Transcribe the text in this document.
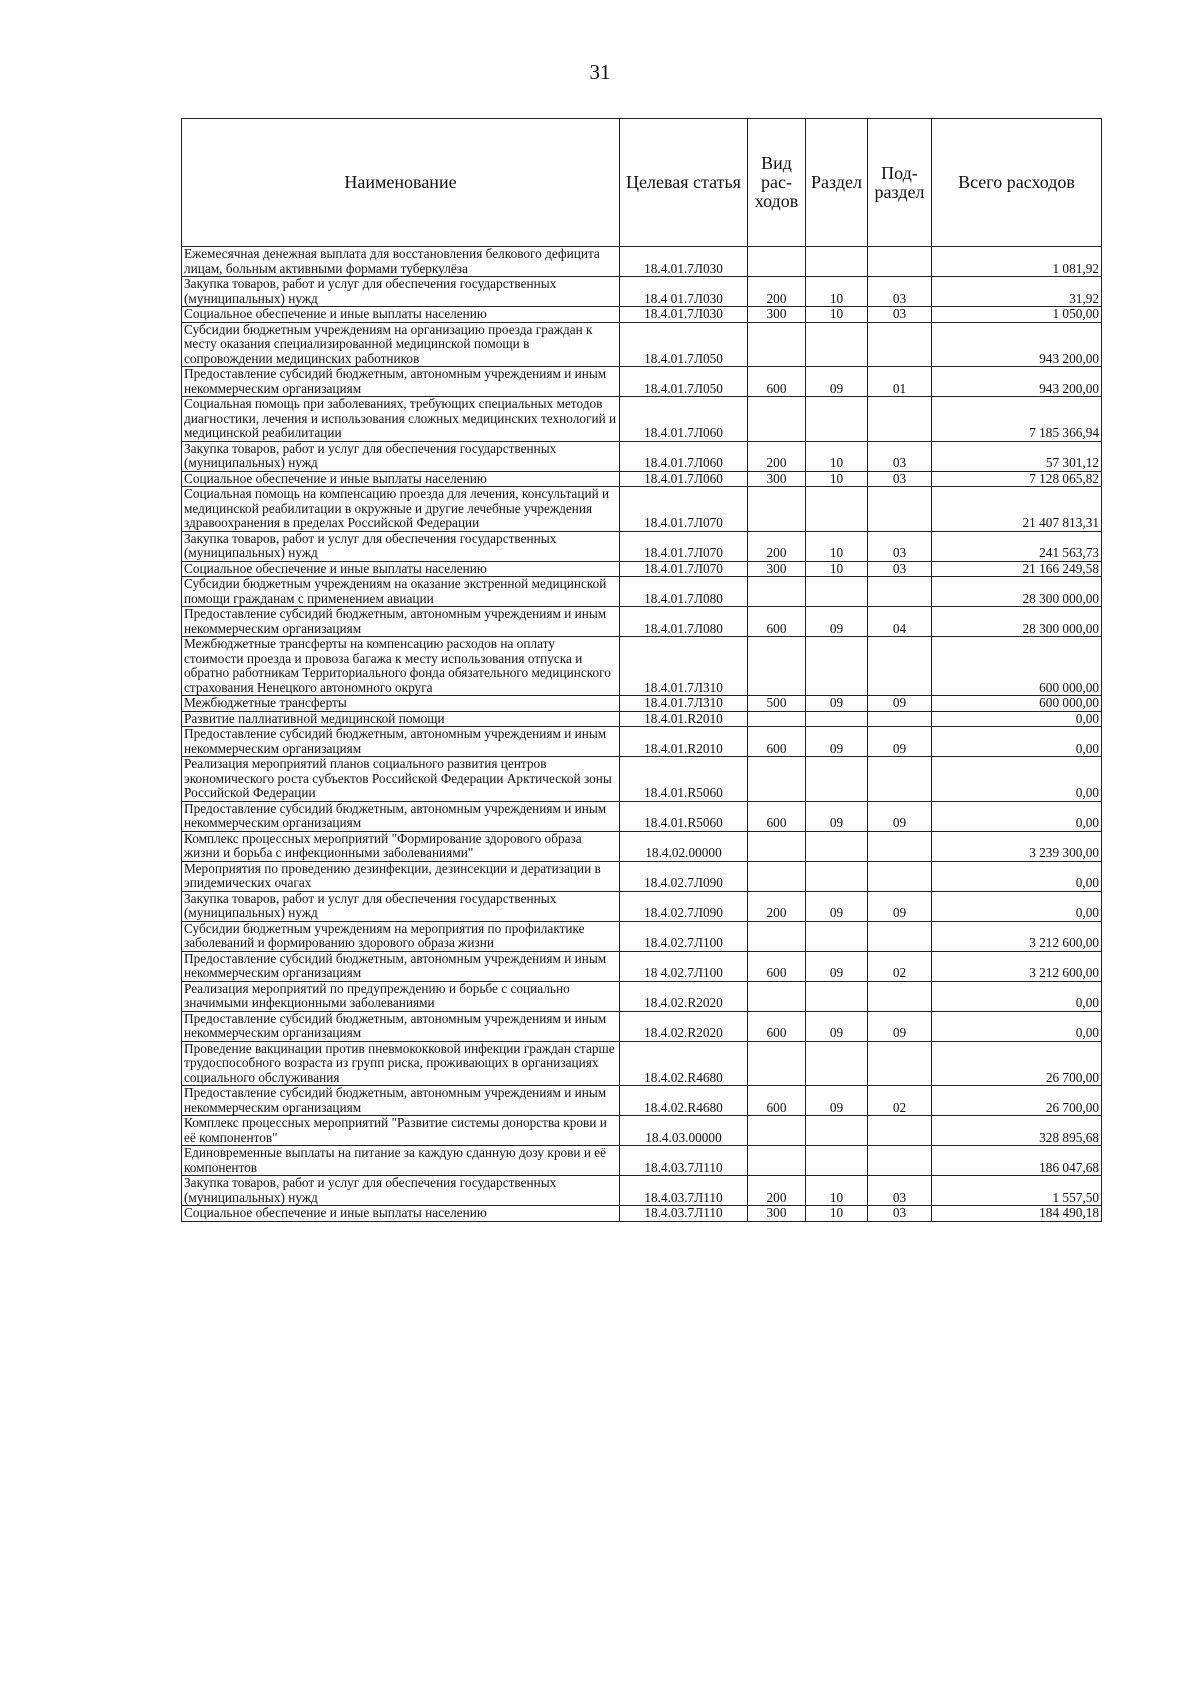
31
Наименование	Целевая статья	Вид рас- ходов	Раздел	Под- раздел	Всего расходов
Ежемесячная денежная выплата для восстановления белкового дефицита лицам, больным активными формами туберкулёза	18.4.01.7Л030				1 081,92
Закупка товаров, работ и услуг для обеспечения государственных (муниципальных) нужд	18.4 01.7Л030	200	10	03	31,92
Социальное обеспечение и иные выплаты населению	18.4.01.7Л030	300	10	03	1 050,00
Субсидии бюджетным учреждениям на организацию проезда граждан к месту оказания специализированной медицинской помощи в сопровождении медицинских работников	18.4.01.7Л050				943 200,00
Предоставление субсидий бюджетным, автономным учреждениям и иным некоммерческим организациям	18.4.01.7Л050	600	09	01	943 200,00
Социальная помощь при заболеваниях, требующих специальных методов диагностики, лечения и использования сложных медицинских технологий и медицинской реабилитации	18.4.01.7Л060				7 185 366,94
Закупка товаров, работ и услуг для обеспечения государственных (муниципальных) нужд	18.4.01.7Л060	200	10	03	57 301,12
Социальное обеспечение и иные выплаты населению	18.4.01.7Л060	300	10	03	7 128 065,82
Социальная помощь на компенсацию проезда для лечения, консультаций и медицинской реабилитации в окружные и другие лечебные учреждения здравоохранения в пределах Российской Федерации	18.4.01.7Л070				21 407 813,31
Закупка товаров, работ и услуг для обеспечения государственных (муниципальных) нужд	18.4.01.7Л070	200	10	03	241 563,73
Социальное обеспечение и иные выплаты населению	18.4.01.7Л070	300	10	03	21 166 249,58
Субсидии бюджетным учреждениям на оказание экстренной медицинской помощи гражданам с применением авиации	18.4.01.7Л080				28 300 000,00
Предоставление субсидий бюджетным, автономным учреждениям и иным некоммерческим организациям	18.4.01.7Л080	600	09	04	28 300 000,00
Межбюджетные трансферты на компенсацию расходов на оплату стоимости проезда и провоза багажа к месту использования отпуска и обратно работникам Территориального фонда обязательного медицинского страхования Ненецкого автономного округа	18.4.01.7Л310				600 000,00
Межбюджетные трансферты	18.4.01.7Л310	500	09	09	600 000,00
Развитие паллиативной медицинской помощи	18.4.01.R2010				0,00
Предоставление субсидий бюджетным, автономным учреждениям и иным некоммерческим организациям	18.4.01.R2010	600	09	09	0,00
Реализация мероприятий планов социального развития центров экономического роста субъектов Российской Федерации Арктической зоны Российской Федерации	18.4.01.R5060				0,00
Предоставление субсидий бюджетным, автономным учреждениям и иным некоммерческим организациям	18.4.01.R5060	600	09	09	0,00
Комплекс процессных мероприятий "Формирование здорового образа жизни и борьба с инфекционными заболеваниями"	18.4.02.00000				3 239 300,00
Мероприятия по проведению дезинфекции, дезинсекции и дератизации в эпидемических очагах	18.4.02.7Л090				0,00
Закупка товаров, работ и услуг для обеспечения государственных (муниципальных) нужд	18.4.02.7Л090	200	09	09	0,00
Субсидии бюджетным учреждениям на мероприятия по профилактике заболеваний и формированию здорового образа жизни	18.4.02.7Л100				3 212 600,00
Предоставление субсидий бюджетным, автономным учреждениям и иным некоммерческим организациям	18 4.02.7Л100	600	09	02	3 212 600,00
Реализация мероприятий по предупреждению и борьбе с социально значимыми инфекционными заболеваниями	18.4.02.R2020				0,00
Предоставление субсидий бюджетным, автономным учреждениям и иным некоммерческим организациям	18.4.02.R2020	600	09	09	0,00
Проведение вакцинации против пневмококковой инфекции граждан старше трудоспособного возраста из групп риска, проживающих в организациях социального обслуживания	18.4.02.R4680				26 700,00
Предоставление субсидий бюджетным, автономным учреждениям и иным некоммерческим организациям	18.4.02.R4680	600	09	02	26 700,00
Комплекс процессных мероприятий "Развитие системы донорства крови и её компонентов"	18.4.03.00000				328 895,68
Единовременные выплаты на питание за каждую сданную дозу крови и её компонентов	18.4.03.7Л110				186 047,68
Закупка товаров, работ и услуг для обеспечения государственных (муниципальных) нужд	18.4.03.7Л110	200	10	03	1 557,50
Социальное обеспечение и иные выплаты населению	18.4.03.7Л110	300	10	03	184 490,18
